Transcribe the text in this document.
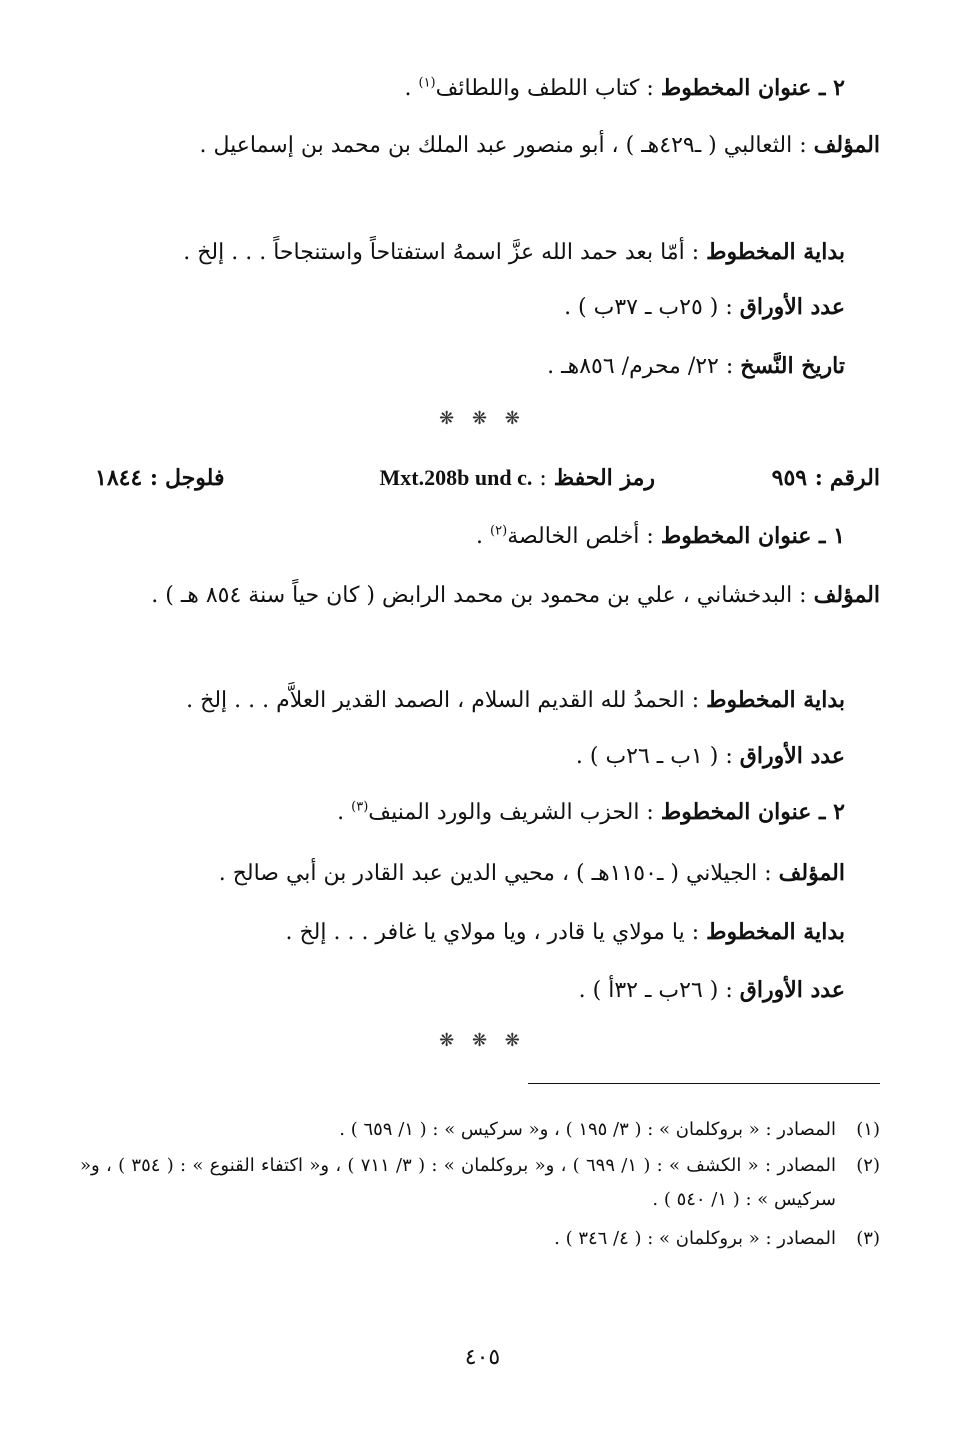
٢ ـ عنوان المخطوط : كتاب اللطف واللطائف$^{(١)}$ .
المؤلف : الثعالبي ( ـ٤٢٩هـ ) ، أبو منصور عبد الملك بن محمد بن إسماعيل .
بداية المخطوط : أمّا بعد حمد الله عزَّ اسمهُ استفتاحاً واستنجاحاً . . . إلخ .
عدد الأوراق : ( ٢٥ب ـ ٣٧ب ) .
تاريخ النَّسخ : ٢٢/ محرم/ ٨٥٦هـ .
❋ ❋ ❋
الرقم : ٩٥٩
رمز الحفظ : Mxt.208b und c.
فلوجل : ١٨٤٤
١ ـ عنوان المخطوط : أخلص الخالصة$^{(٢)}$ .
المؤلف : البدخشاني ، علي بن محمود بن محمد الرابض ( كان حياً سنة ٨٥٤ هـ ) .
بداية المخطوط : الحمدُ لله القديم السلام ، الصمد القدير العلاَّم . . . إلخ .
عدد الأوراق : ( ١ب ـ ٢٦ب ) .
٢ ـ عنوان المخطوط : الحزب الشريف والورد المنيف$^{(٣)}$ .
المؤلف : الجيلاني ( ـ١١٥٠هـ ) ، محيي الدين عبد القادر بن أبي صالح .
بداية المخطوط : يا مولاي يا قادر ، ويا مولاي يا غافر . . . إلخ .
عدد الأوراق : ( ٢٦ب ـ ٣٢أ ) .
❋ ❋ ❋
(١)المصادر : « بروكلمان » : ( ٣/ ١٩٥ ) ، و« سركيس » : ( ١/ ٦٥٩ ) .
(٢)
المصادر : « الكشف » : ( ١/ ٦٩٩ ) ، و« بروكلمان » : ( ٣/ ٧١١ ) ، و« اكتفاء القنوع » : ( ٣٥٤ ) ، و« سركيس » : ( ١/ ٥٤٠ ) .
(٣)المصادر : « بروكلمان » : ( ٤/ ٣٤٦ ) .
٤٠٥
